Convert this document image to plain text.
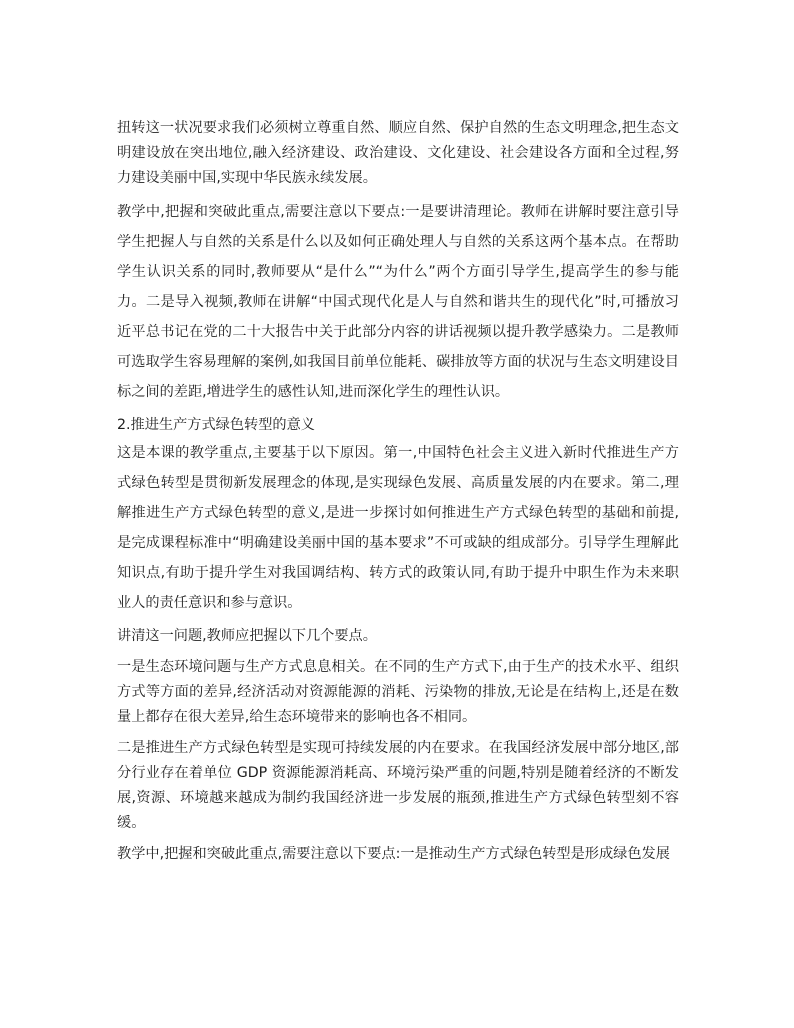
扭转这一状况要求我们必须树立尊重自然、顺应自然、保护自然的生态文明理念,把生态文明建设放在突出地位,融入经济建设、政治建设、文化建设、社会建设各方面和全过程,努力建设美丽中国,实现中华民族永续发展。

教学中,把握和突破此重点,需要注意以下要点:一是要讲清理论。教师在讲解时要注意引导学生把握人与自然的关系是什么以及如何正确处理人与自然的关系这两个基本点。在帮助学生认识关系的同时,教师要从“是什么”“为什么”两个方面引导学生,提高学生的参与能力。二是导入视频,教师在讲解“中国式现代化是人与自然和谐共生的现代化”时,可播放习近平总书记在党的二十大报告中关于此部分内容的讲话视频以提升教学感染力。二是教师可选取学生容易理解的案例,如我国目前单位能耗、碳排放等方面的状况与生态文明建设目标之间的差距,增进学生的感性认知,进而深化学生的理性认识。

2.推进生产方式绿色转型的意义

这是本课的教学重点,主要基于以下原因。第一,中国特色社会主义进入新时代推进生产方式绿色转型是贯彻新发展理念的体现,是实现绿色发展、高质量发展的内在要求。第二,理解推进生产方式绿色转型的意义,是进一步探讨如何推进生产方式绿色转型的基础和前提,是完成课程标准中“明确建设美丽中国的基本要求”不可或缺的组成部分。引导学生理解此知识点,有助于提升学生对我国调结构、转方式的政策认同,有助于提升中职生作为未来职业人的责任意识和参与意识。

讲清这一问题,教师应把握以下几个要点。

一是生态环境问题与生产方式息息相关。在不同的生产方式下,由于生产的技术水平、组织方式等方面的差异,经济活动对资源能源的消耗、污染物的排放,无论是在结构上,还是在数量上都存在很大差异,给生态环境带来的影响也各不相同。

二是推进生产方式绿色转型是实现可持续发展的内在要求。在我国经济发展中部分地区,部分行业存在着单位 GDP 资源能源消耗高、环境污染严重的问题,特别是随着经济的不断发展,资源、环境越来越成为制约我国经济进一步发展的瓶颈,推进生产方式绿色转型刻不容缓。

教学中,把握和突破此重点,需要注意以下要点:一是推动生产方式绿色转型是形成绿色发展
